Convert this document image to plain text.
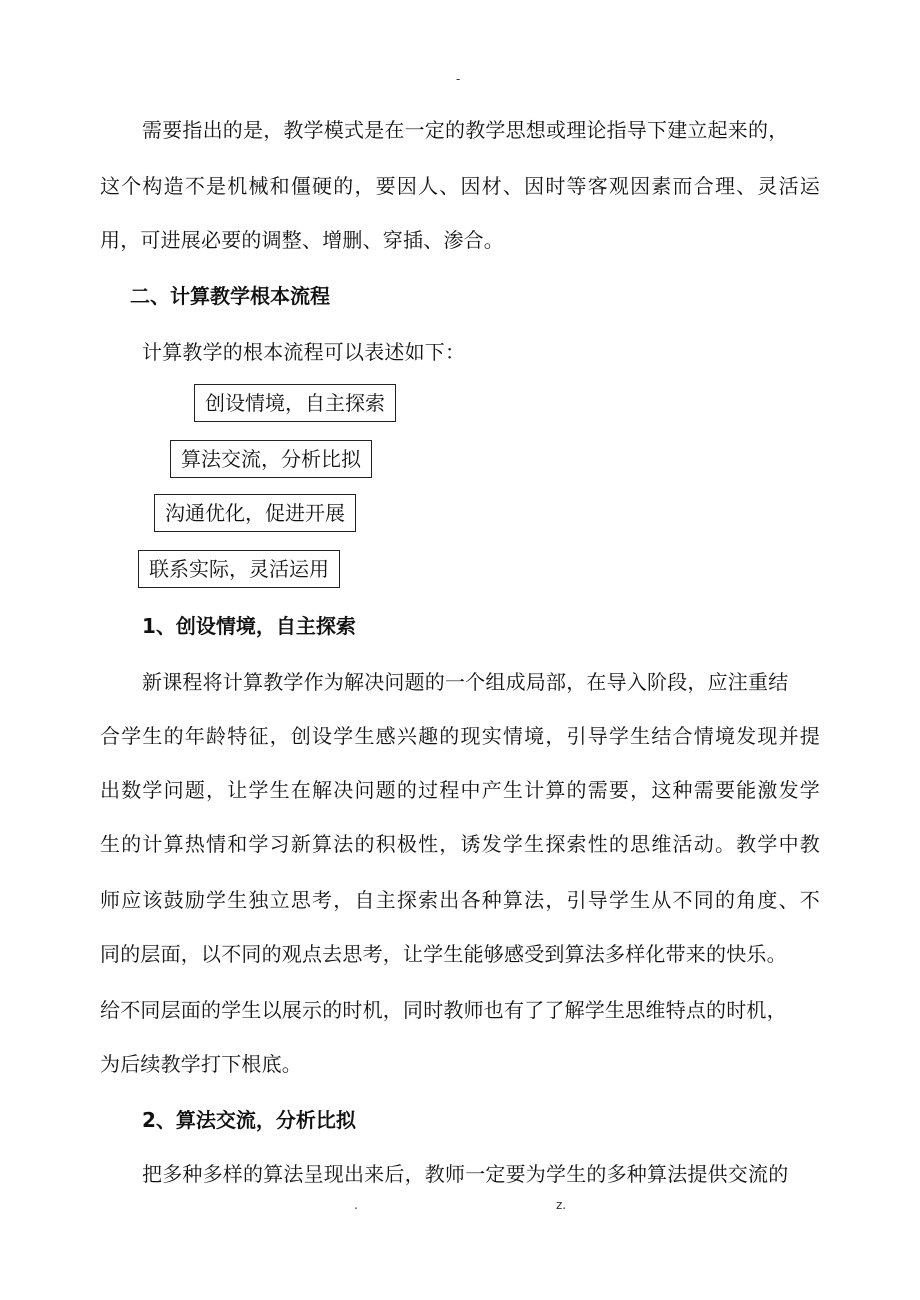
-
需要指出的是，教学模式是在一定的教学思想或理论指导下建立起来的，
这个构造不是机械和僵硬的，要因人、因材、因时等客观因素而合理、灵活运
用，可进展必要的调整、增删、穿插、渗合。
二、计算教学根本流程
计算教学的根本流程可以表述如下：
创设情境，自主探索
算法交流，分析比拟
沟通优化，促进开展
联系实际，灵活运用
1、创设情境，自主探索
新课程将计算教学作为解决问题的一个组成局部，在导入阶段，应注重结
合学生的年龄特征，创设学生感兴趣的现实情境，引导学生结合情境发现并提
出数学问题，让学生在解决问题的过程中产生计算的需要，这种需要能激发学
生的计算热情和学习新算法的积极性，诱发学生探索性的思维活动。教学中教
师应该鼓励学生独立思考，自主探索出各种算法，引导学生从不同的角度、不
同的层面，以不同的观点去思考，让学生能够感受到算法多样化带来的快乐。
给不同层面的学生以展示的时机，同时教师也有了了解学生思维特点的时机，
为后续教学打下根底。
2、算法交流，分析比拟
把多种多样的算法呈现出来后，教师一定要为学生的多种算法提供交流的
.	z.
